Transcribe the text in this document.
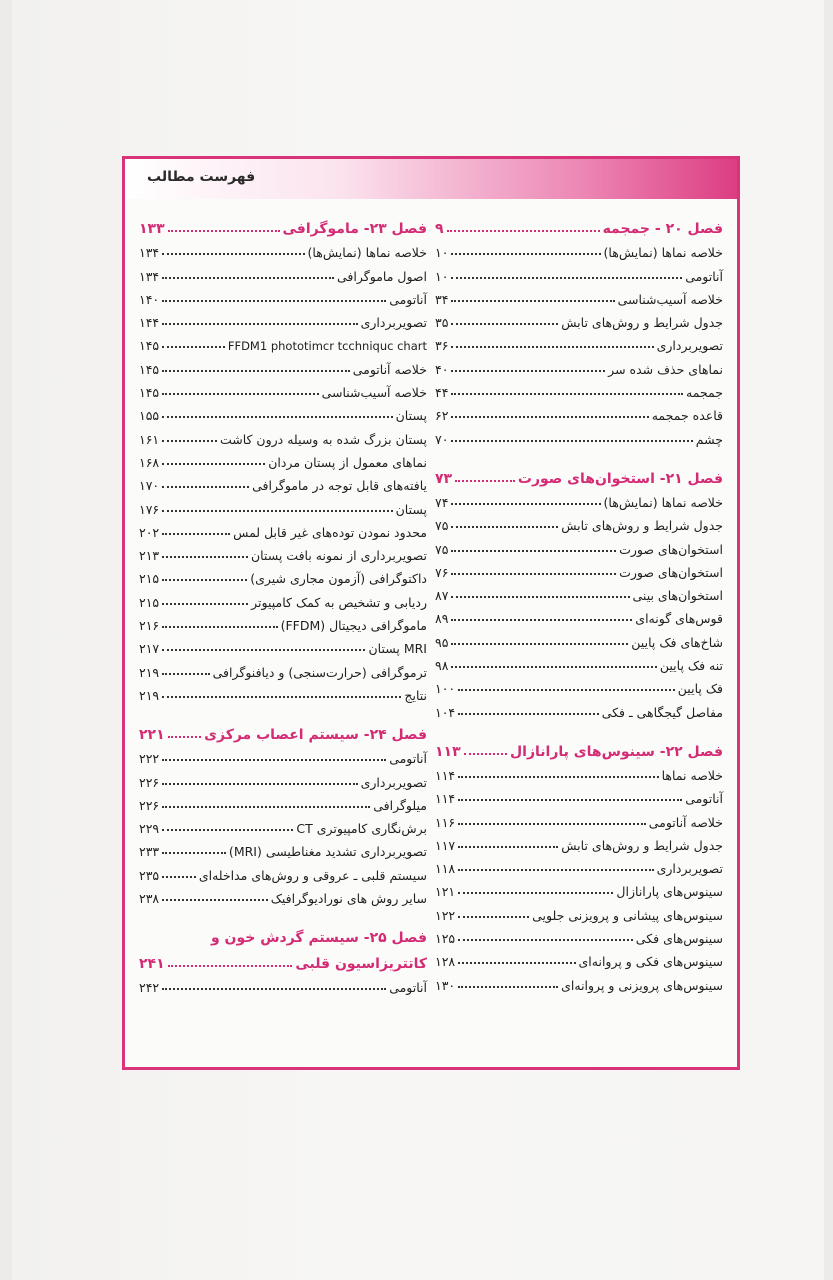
فهرست مطالب
فصل ۲۰ - جمجمه
۹
خلاصه نماها (نمایش‌ها)
۱۰
آناتومی
۱۰
خلاصه آسیب‌شناسی
۳۴
جدول شرایط و روش‌های تابش
۳۵
تصویربرداری
۳۶
نماهای حذف شده سر
۴۰
جمجمه
۴۴
قاعده جمجمه
۶۲
چشم
۷۰
فصل ۲۱- استخوان‌های صورت
۷۳
خلاصه نماها (نمایش‌ها)
۷۴
جدول شرایط و روش‌های تابش
۷۵
استخوان‌های صورت
۷۵
استخوان‌های صورت
۷۶
استخوان‌های بینی
۸۷
قوس‌های گونه‌ای
۸۹
شاخ‌های فک پایین
۹۵
تنه فک پایین
۹۸
فک پایین
۱۰۰
مفاصل گیجگاهی ـ فکی
۱۰۴
فصل ۲۲- سینوس‌های پارانازال
۱۱۳
خلاصه نماها
۱۱۴
آناتومی
۱۱۴
خلاصه آناتومی
۱۱۶
جدول شرایط و روش‌های تابش
۱۱۷
تصویربرداری
۱۱۸
سینوس‌های پارانازال
۱۲۱
سینوس‌های پیشانی و پرویزنی جلویی
۱۲۲
سینوس‌های فکی
۱۲۵
سینوس‌های فکی و پروانه‌ای
۱۲۸
سینوس‌های پرویزنی و پروانه‌ای
۱۳۰
فصل ۲۳- ماموگرافی
۱۳۳
خلاصه نماها (نمایش‌ها)
۱۳۴
اصول ماموگرافی
۱۳۴
آناتومی
۱۴۰
تصویربرداری
۱۴۴
FFDM1 phototimcr tcchniquc chart
۱۴۵
خلاصه آناتومی
۱۴۵
خلاصه آسیب‌شناسی
۱۴۵
پستان
۱۵۵
پستان بزرگ شده به وسیله درون کاشت
۱۶۱
نماهای معمول از پستان مردان
۱۶۸
یافته‌های قابل توجه در ماموگرافی
۱۷۰
پستان
۱۷۶
محدود نمودن توده‌های غیر قابل لمس
۲۰۲
تصویربرداری از نمونه بافت پستان
۲۱۳
داکتوگرافی (آزمون مجاری شیری)
۲۱۵
ردیابی و تشخیص به کمک کامپیوتر
۲۱۵
ماموگرافی دیجیتال (FFDM)
۲۱۶
MRI پستان
۲۱۷
ترموگرافی (حرارت‌سنجی) و دیافنوگرافی
۲۱۹
نتایج
۲۱۹
فصل ۲۴- سیستم اعصاب مرکزی
۲۲۱
آناتومی
۲۲۲
تصویربرداری
۲۲۶
میلوگرافی
۲۲۶
برش‌نگاری کامپیوتری CT
۲۲۹
تصویربرداری تشدید مغناطیسی (MRI)
۲۳۳
سیستم قلبی ـ عروقی و روش‌های مداخله‌ای
۲۳۵
سایر روش های نورادیوگرافیک
۲۳۸
فصل ۲۵- سیستم گردش خون و
کاتتریزاسیون قلبی
۲۴۱
آناتومی
۲۴۲
